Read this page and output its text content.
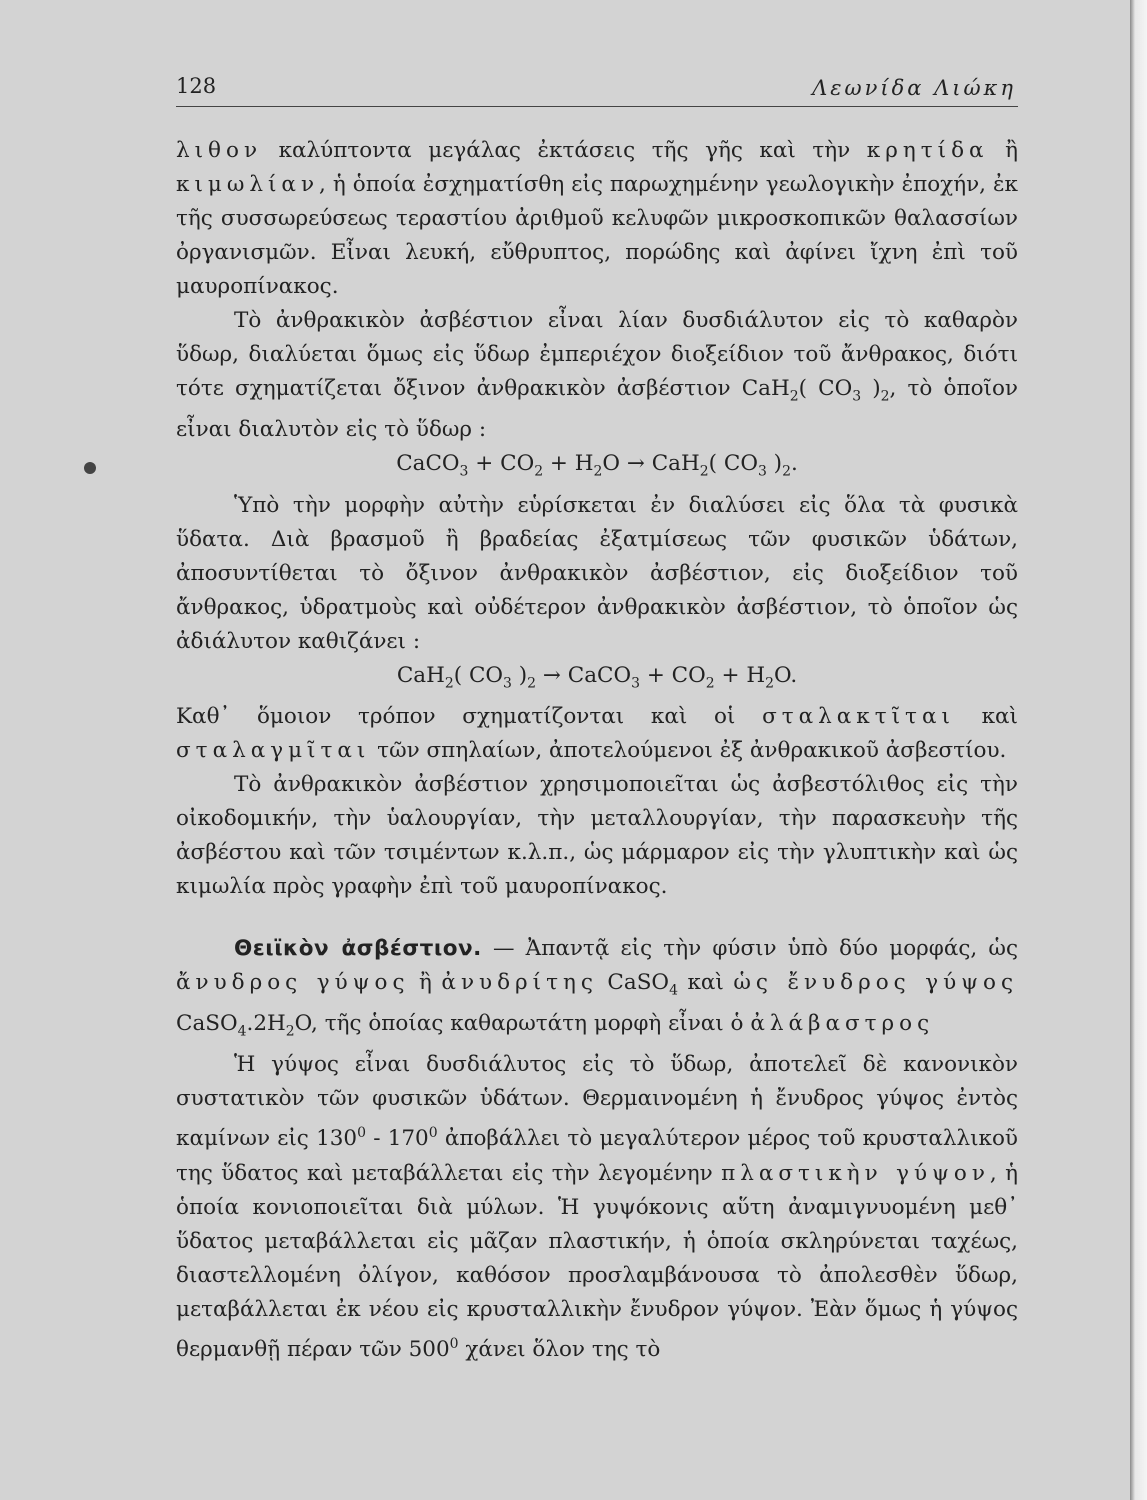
128	Λεωνίδα Λιώκη

λιθον καλύπτοντα μεγάλας ἐκτάσεις τῆς γῆς καὶ τὴν κρητίδα ἢ κιμωλίαν, ἡ ὁποία ἐσχηματίσθη εἰς παρωχημένην γεωλογικὴν ἐποχήν, ἐκ τῆς συσσωρεύσεως τεραστίου ἀριθμοῦ κελυφῶν μικροσκοπικῶν θαλασσίων ὀργανισμῶν. Εἶναι λευκή, εὔθρυπτος, πορώδης καὶ ἀφίνει ἴχνη ἐπὶ τοῦ μαυροπίνακος.

Τὸ ἀνθρακικὸν ἀσβέστιον εἶναι λίαν δυσδιάλυτον εἰς τὸ καθαρὸν ὕδωρ, διαλύεται ὅμως εἰς ὕδωρ ἐμπεριέχον διοξείδιον τοῦ ἄνθρακος, διότι τότε σχηματίζεται ὄξινον ἀνθρακικὸν ἀσβέστιον CaH$_2$( $CO_3$ )$_2$, τὸ ὁποῖον εἶναι διαλυτὸν εἰς τὸ ὕδωρ :

CaCO$_3$ + $CO_2 + H_2O \to CaH_2$( $CO_3$ )$_2$.

Ὑπὸ τὴν μορφὴν αὐτὴν εὑρίσκεται ἐν διαλύσει εἰς ὅλα τὰ φυσικὰ ὕδατα. Διὰ βρασμοῦ ἢ βραδείας ἐξατμίσεως τῶν φυσικῶν ὑδάτων, ἀποσυντίθεται τὸ ὄξινον ἀνθρακικὸν ἀσβέστιον, εἰς διοξείδιον τοῦ ἄνθρακος, ὑδρατμοὺς καὶ οὐδέτερον ἀνθρακικὸν ἀσβέστιον, τὸ ὁποῖον ὡς ἀδιάλυτον καθιζάνει :

CaH$_2$( $CO_3$ )$_2$ → CaCO$_3$ + $CO_2 + H_2O$.

Καθ᾿ ὅμοιον τρόπον σχηματίζονται καὶ οἱ σταλακτῖται καὶ σταλαγμῖται τῶν σπηλαίων, ἀποτελούμενοι ἐξ ἀνθρακικοῦ ἀσβεστίου.

Τὸ ἀνθρακικὸν ἀσβέστιον χρησιμοποιεῖται ὡς ἀσβεστόλιθος εἰς τὴν οἰκοδομικήν, τὴν ὑαλουργίαν, τὴν μεταλλουργίαν, τὴν παρασκευὴν τῆς ἀσβέστου καὶ τῶν τσιμέντων κ.λ.π., ὡς μάρμαρον εἰς τὴν γλυπτικὴν καὶ ὡς κιμωλία πρὸς γραφὴν ἐπὶ τοῦ μαυροπίνακος.

Θειϊκὸν ἀσβέστιον. — Ἀπαντᾷ εἰς τὴν φύσιν ὑπὸ δύο μορφάς, ὡς ἄνυδρος γύψος ἢ ἀνυδρίτης CaSO$_4$ καὶ ὡς ἔνυδρος γύψος $CaSO_4.2H_2O$, τῆς ὁποίας καθαρωτάτη μορφὴ εἶναι ὁ ἀλάβαστρος

Ἡ γύψος εἶναι δυσδιάλυτος εἰς τὸ ὕδωρ, ἀποτελεῖ δὲ κανονικὸν συστατικὸν τῶν φυσικῶν ὑδάτων. Θερμαινομένη ἡ ἔνυδρος γύψος ἐντὸς καμίνων εἰς $130^0 - 170^0$ ἀποβάλλει τὸ μεγαλύτερον μέρος τοῦ κρυσταλλικοῦ της ὕδατος καὶ μεταβάλλεται εἰς τὴν λεγομένην πλαστικὴν γύψον, ἡ ὁποία κονιοποιεῖται διὰ μύλων. Ἡ γυψόκονις αὕτη ἀναμιγνυομένη μεθ᾿ ὕδατος μεταβάλλεται εἰς μᾶζαν πλαστικήν, ἡ ὁποία σκληρύνεται ταχέως, διαστελλομένη ὀλίγον, καθόσον προσλαμβάνουσα τὸ ἀπολεσθὲν ὕδωρ, μεταβάλλεται ἐκ νέου εἰς κρυσταλλικὴν ἔνυδρον γύψον. Ἐὰν ὅμως ἡ γύψος θερμανθῇ πέραν τῶν $500^0$ χάνει ὅλον της τὸ
